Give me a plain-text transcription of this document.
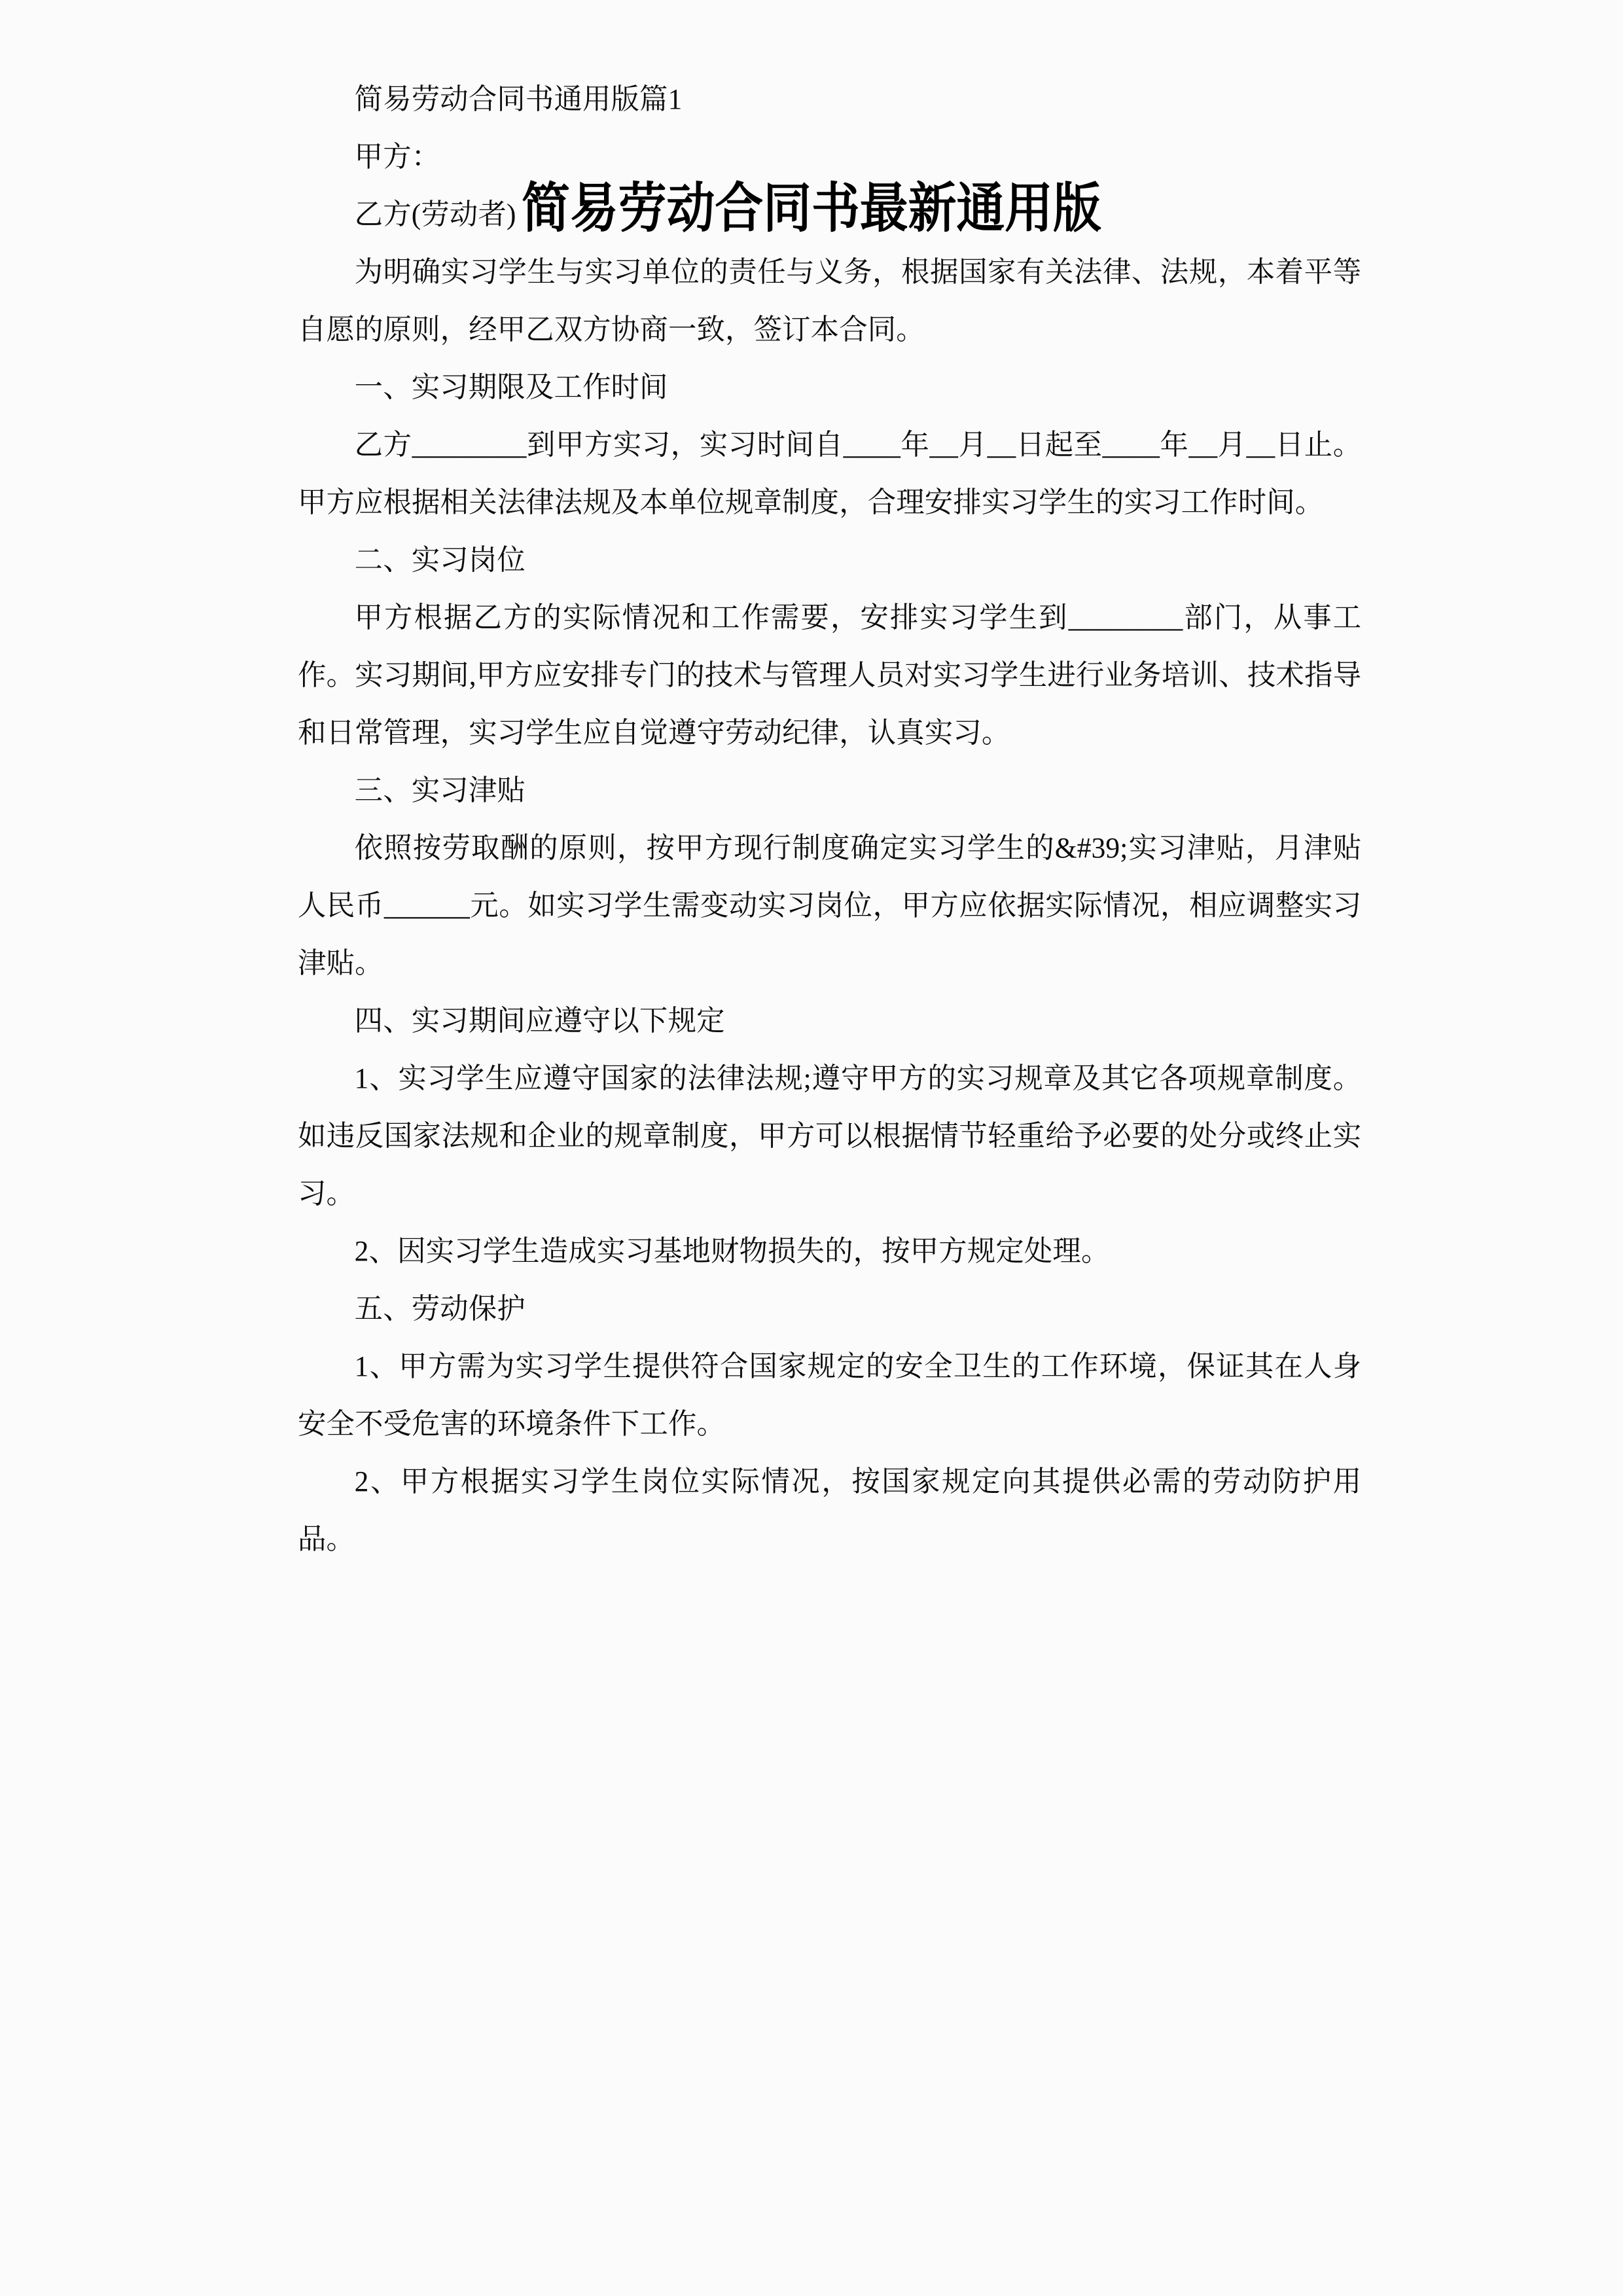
简易劳动合同书最新通用版

简易劳动合同书通用版篇1

甲方：

乙方(劳动者)

为明确实习学生与实习单位的责任与义务，根据国家有关法律、法规，本着平等自愿的原则，经甲乙双方协商一致，签订本合同。

一、实习期限及工作时间

乙方________到甲方实习，实习时间自____年__月__日起至____年__月__日止。甲方应根据相关法律法规及本单位规章制度，合理安排实习学生的实习工作时间。

二、实习岗位

甲方根据乙方的实际情况和工作需要，安排实习学生到________部门，从事工作。实习期间,甲方应安排专门的技术与管理人员对实习学生进行业务培训、技术指导和日常管理，实习学生应自觉遵守劳动纪律，认真实习。

三、实习津贴

依照按劳取酬的原则，按甲方现行制度确定实习学生的&#39;实习津贴，月津贴人民币______元。如实习学生需变动实习岗位，甲方应依据实际情况，相应调整实习津贴。

四、实习期间应遵守以下规定

1、实习学生应遵守国家的法律法规;遵守甲方的实习规章及其它各项规章制度。如违反国家法规和企业的规章制度，甲方可以根据情节轻重给予必要的处分或终止实习。

2、因实习学生造成实习基地财物损失的，按甲方规定处理。

五、劳动保护

1、甲方需为实习学生提供符合国家规定的安全卫生的工作环境，保证其在人身安全不受危害的环境条件下工作。

2、甲方根据实习学生岗位实际情况，按国家规定向其提供必需的劳动防护用品。
